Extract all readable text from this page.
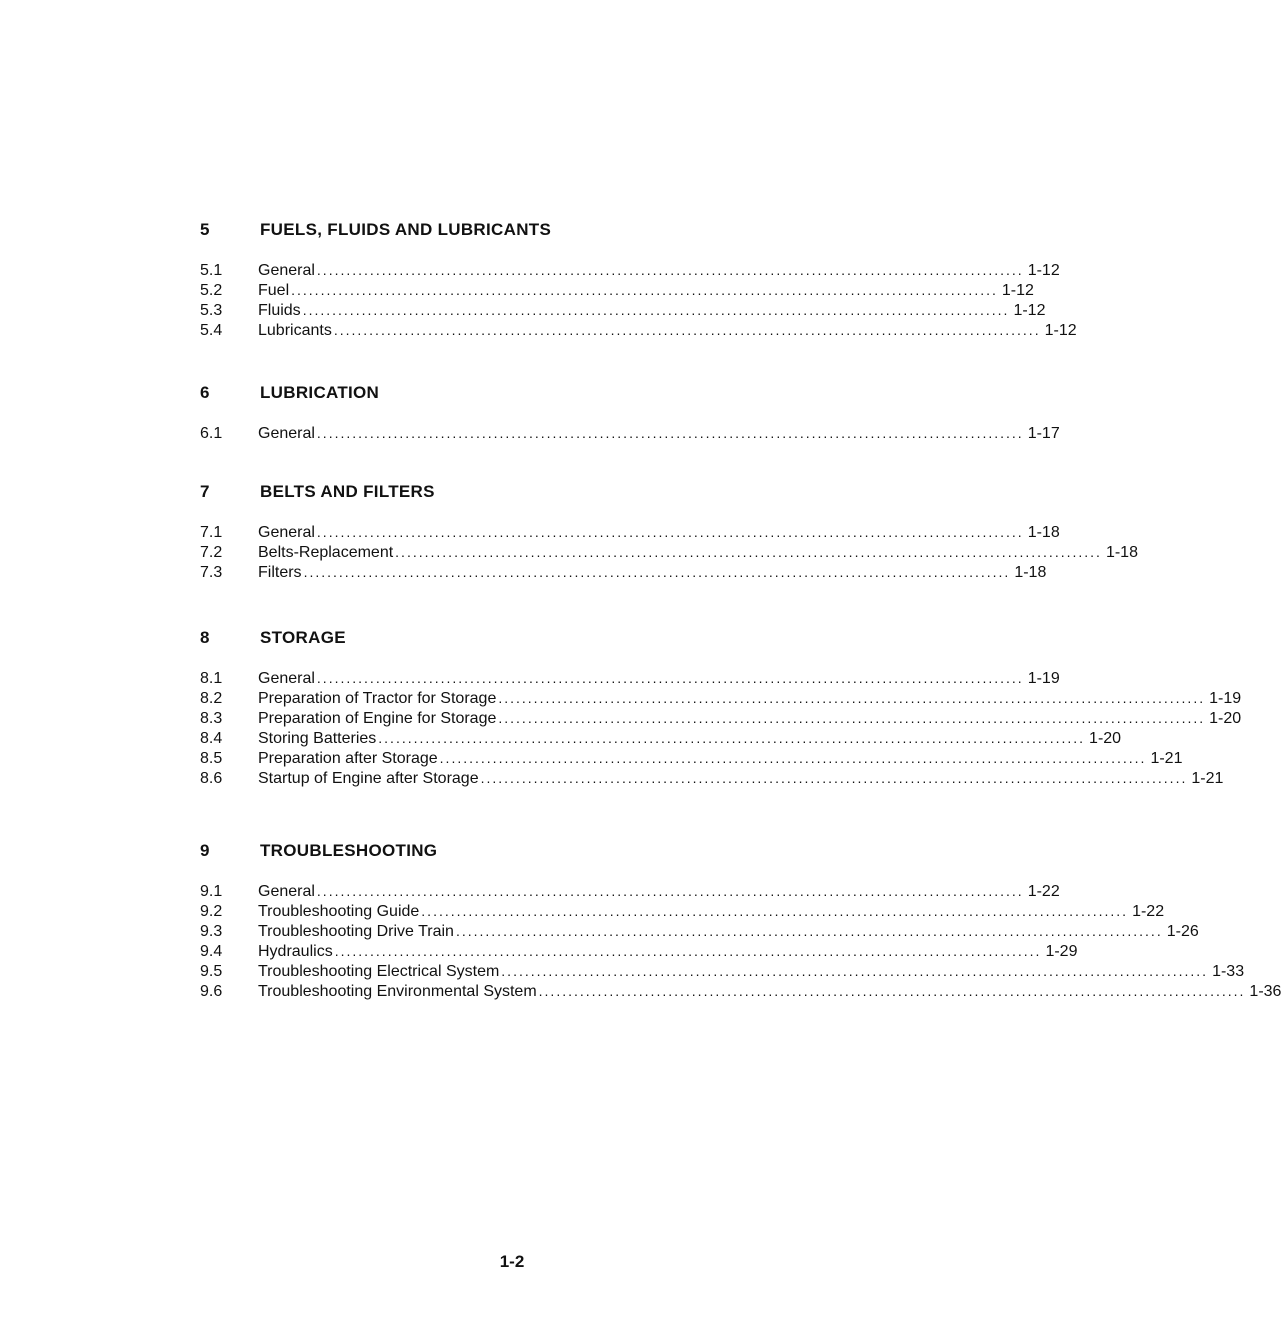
5	FUELS, FLUIDS AND LUBRICANTS
5.1	General ........................................................................................................................ 1-12
5.2	Fuel ........................................................................................................................ 1-12
5.3	Fluids ........................................................................................................................ 1-12
5.4	Lubricants ........................................................................................................................ 1-12
6	LUBRICATION
6.1	General ........................................................................................................................ 1-17
7	BELTS AND FILTERS
7.1	General ........................................................................................................................ 1-18
7.2	Belts-Replacement ........................................................................................................................ 1-18
7.3	Filters ........................................................................................................................ 1-18
8	STORAGE
8.1	General ........................................................................................................................ 1-19
8.2	Preparation of Tractor for Storage ........................................................................................................................ 1-19
8.3	Preparation of Engine for Storage ........................................................................................................................ 1-20
8.4	Storing Batteries ........................................................................................................................ 1-20
8.5	Preparation after Storage ........................................................................................................................ 1-21
8.6	Startup of Engine after Storage ........................................................................................................................ 1-21
9	TROUBLESHOOTING
9.1	General ........................................................................................................................ 1-22
9.2	Troubleshooting Guide ........................................................................................................................ 1-22
9.3	Troubleshooting Drive Train ........................................................................................................................ 1-26
9.4	Hydraulics ........................................................................................................................ 1-29
9.5	Troubleshooting Electrical System ........................................................................................................................ 1-33
9.6	Troubleshooting Environmental System ........................................................................................................................ 1-36
1-2
